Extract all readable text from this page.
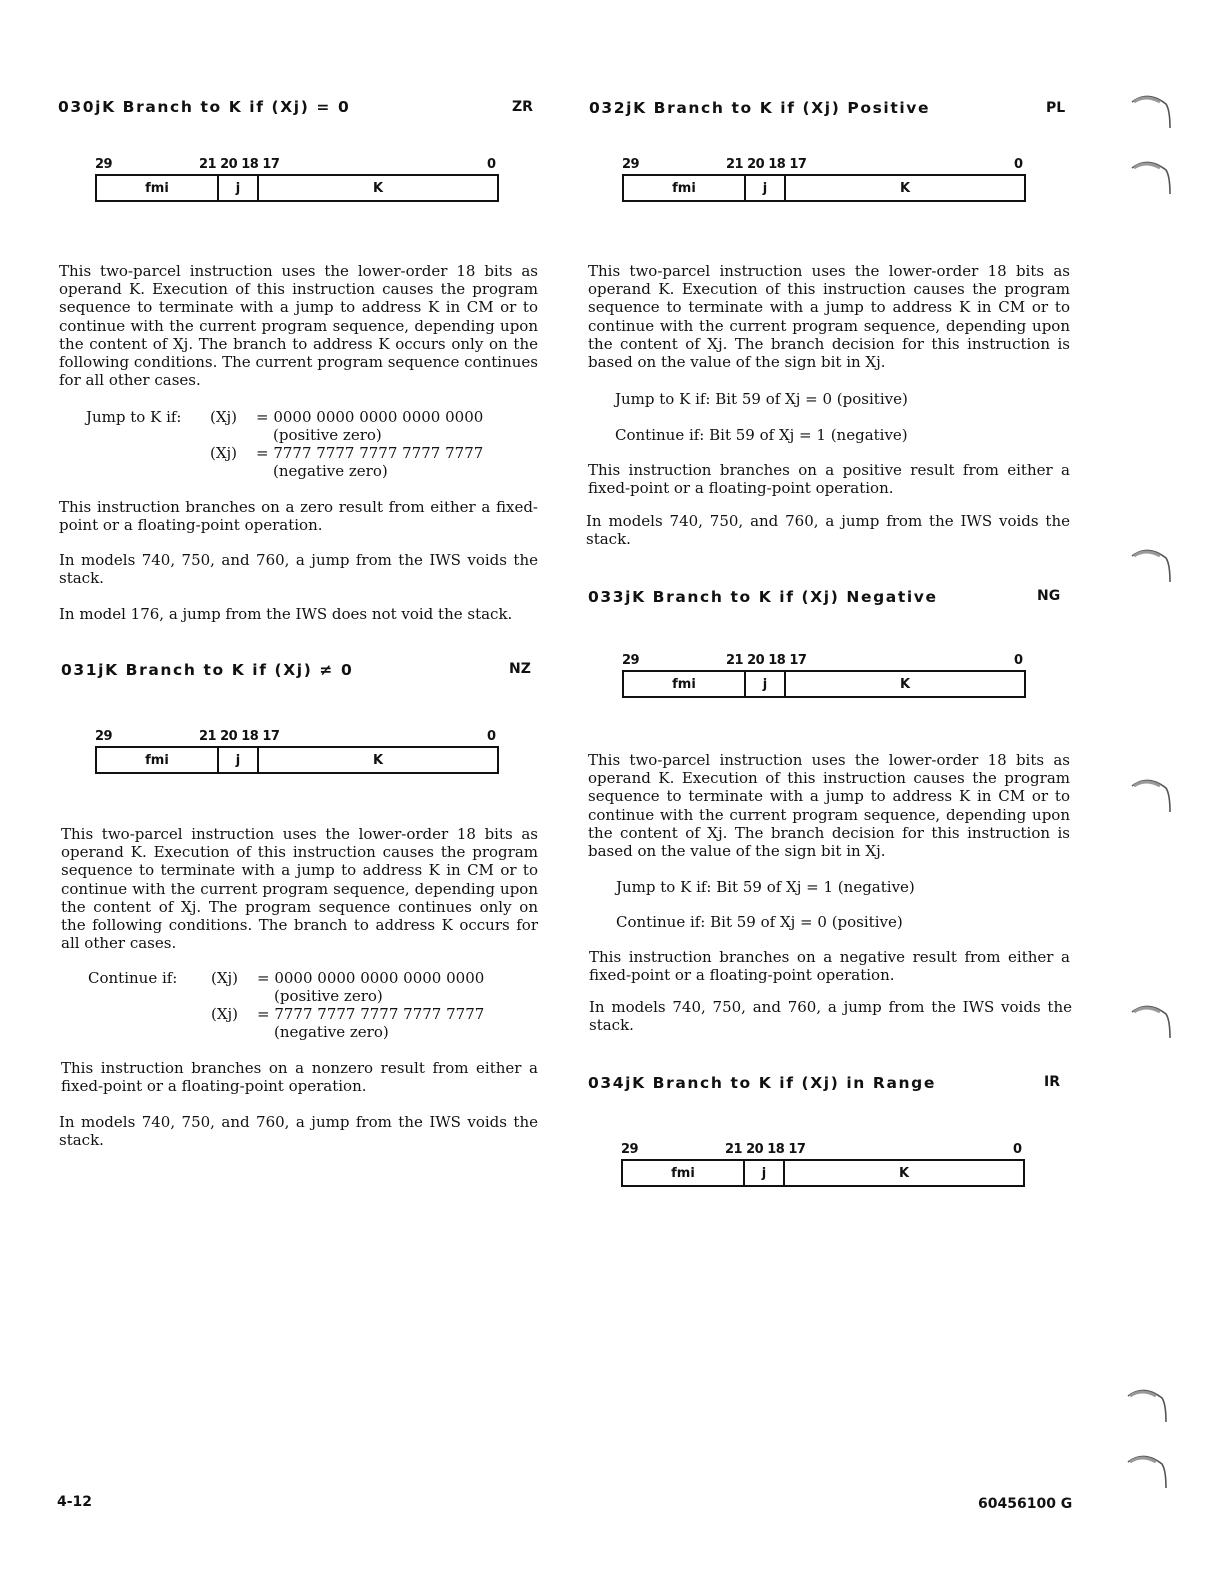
030jK Branch to K if (Xj) = 0	ZR
29	21 20 18 17	0
fmi	j	K

This two-parcel instruction uses the lower-order 18 bits as operand K. Execution of this instruction causes the program sequence to terminate with a jump to address K in CM or to continue with the current program sequence, depending upon the content of Xj. The branch to address K occurs only on the following conditions. The current program sequence continues for all other cases.

Jump to K if: (Xj) = 0000 0000 0000 0000 0000
(positive zero)
(Xj) = 7777 7777 7777 7777 7777
(negative zero)

This instruction branches on a zero result from either a fixed-point or a floating-point operation.

In models 740, 750, and 760, a jump from the IWS voids the stack.

In model 176, a jump from the IWS does not void the stack.

031jK Branch to K if (Xj) ≠ 0	NZ
29	21 20 18 17	0
fmi	j	K

This two-parcel instruction uses the lower-order 18 bits as operand K. Execution of this instruction causes the program sequence to terminate with a jump to address K in CM or to continue with the current program sequence, depending upon the content of Xj. The program sequence continues only on the following conditions. The branch to address K occurs for all other cases.

Continue if: (Xj) = 0000 0000 0000 0000 0000
(positive zero)
(Xj) = 7777 7777 7777 7777 7777
(negative zero)

This instruction branches on a nonzero result from either a fixed-point or a floating-point operation.

In models 740, 750, and 760, a jump from the IWS voids the stack.

032jK Branch to K if (Xj) Positive	PL
29	21 20 18 17	0
fmi	j	K

This two-parcel instruction uses the lower-order 18 bits as operand K. Execution of this instruction causes the program sequence to terminate with a jump to address K in CM or to continue with the current program sequence, depending upon the content of Xj. The branch decision for this instruction is based on the value of the sign bit in Xj.

Jump to K if: Bit 59 of Xj = 0 (positive)
Continue if: Bit 59 of Xj = 1 (negative)

This instruction branches on a positive result from either a fixed-point or a floating-point operation.

In models 740, 750, and 760, a jump from the IWS voids the stack.

033jK Branch to K if (Xj) Negative	NG
29	21 20 18 17	0
fmi	j	K

This two-parcel instruction uses the lower-order 18 bits as operand K. Execution of this instruction causes the program sequence to terminate with a jump to address K in CM or to continue with the current program sequence, depending upon the content of Xj. The branch decision for this instruction is based on the value of the sign bit in Xj.

Jump to K if: Bit 59 of Xj = 1 (negative)
Continue if: Bit 59 of Xj = 0 (positive)

This instruction branches on a negative result from either a fixed-point or a floating-point operation.

In models 740, 750, and 760, a jump from the IWS voids the stack.

034jK Branch to K if (Xj) in Range	IR
29	21 20 18 17	0
fmi	j	K
4-12	60456100 G
